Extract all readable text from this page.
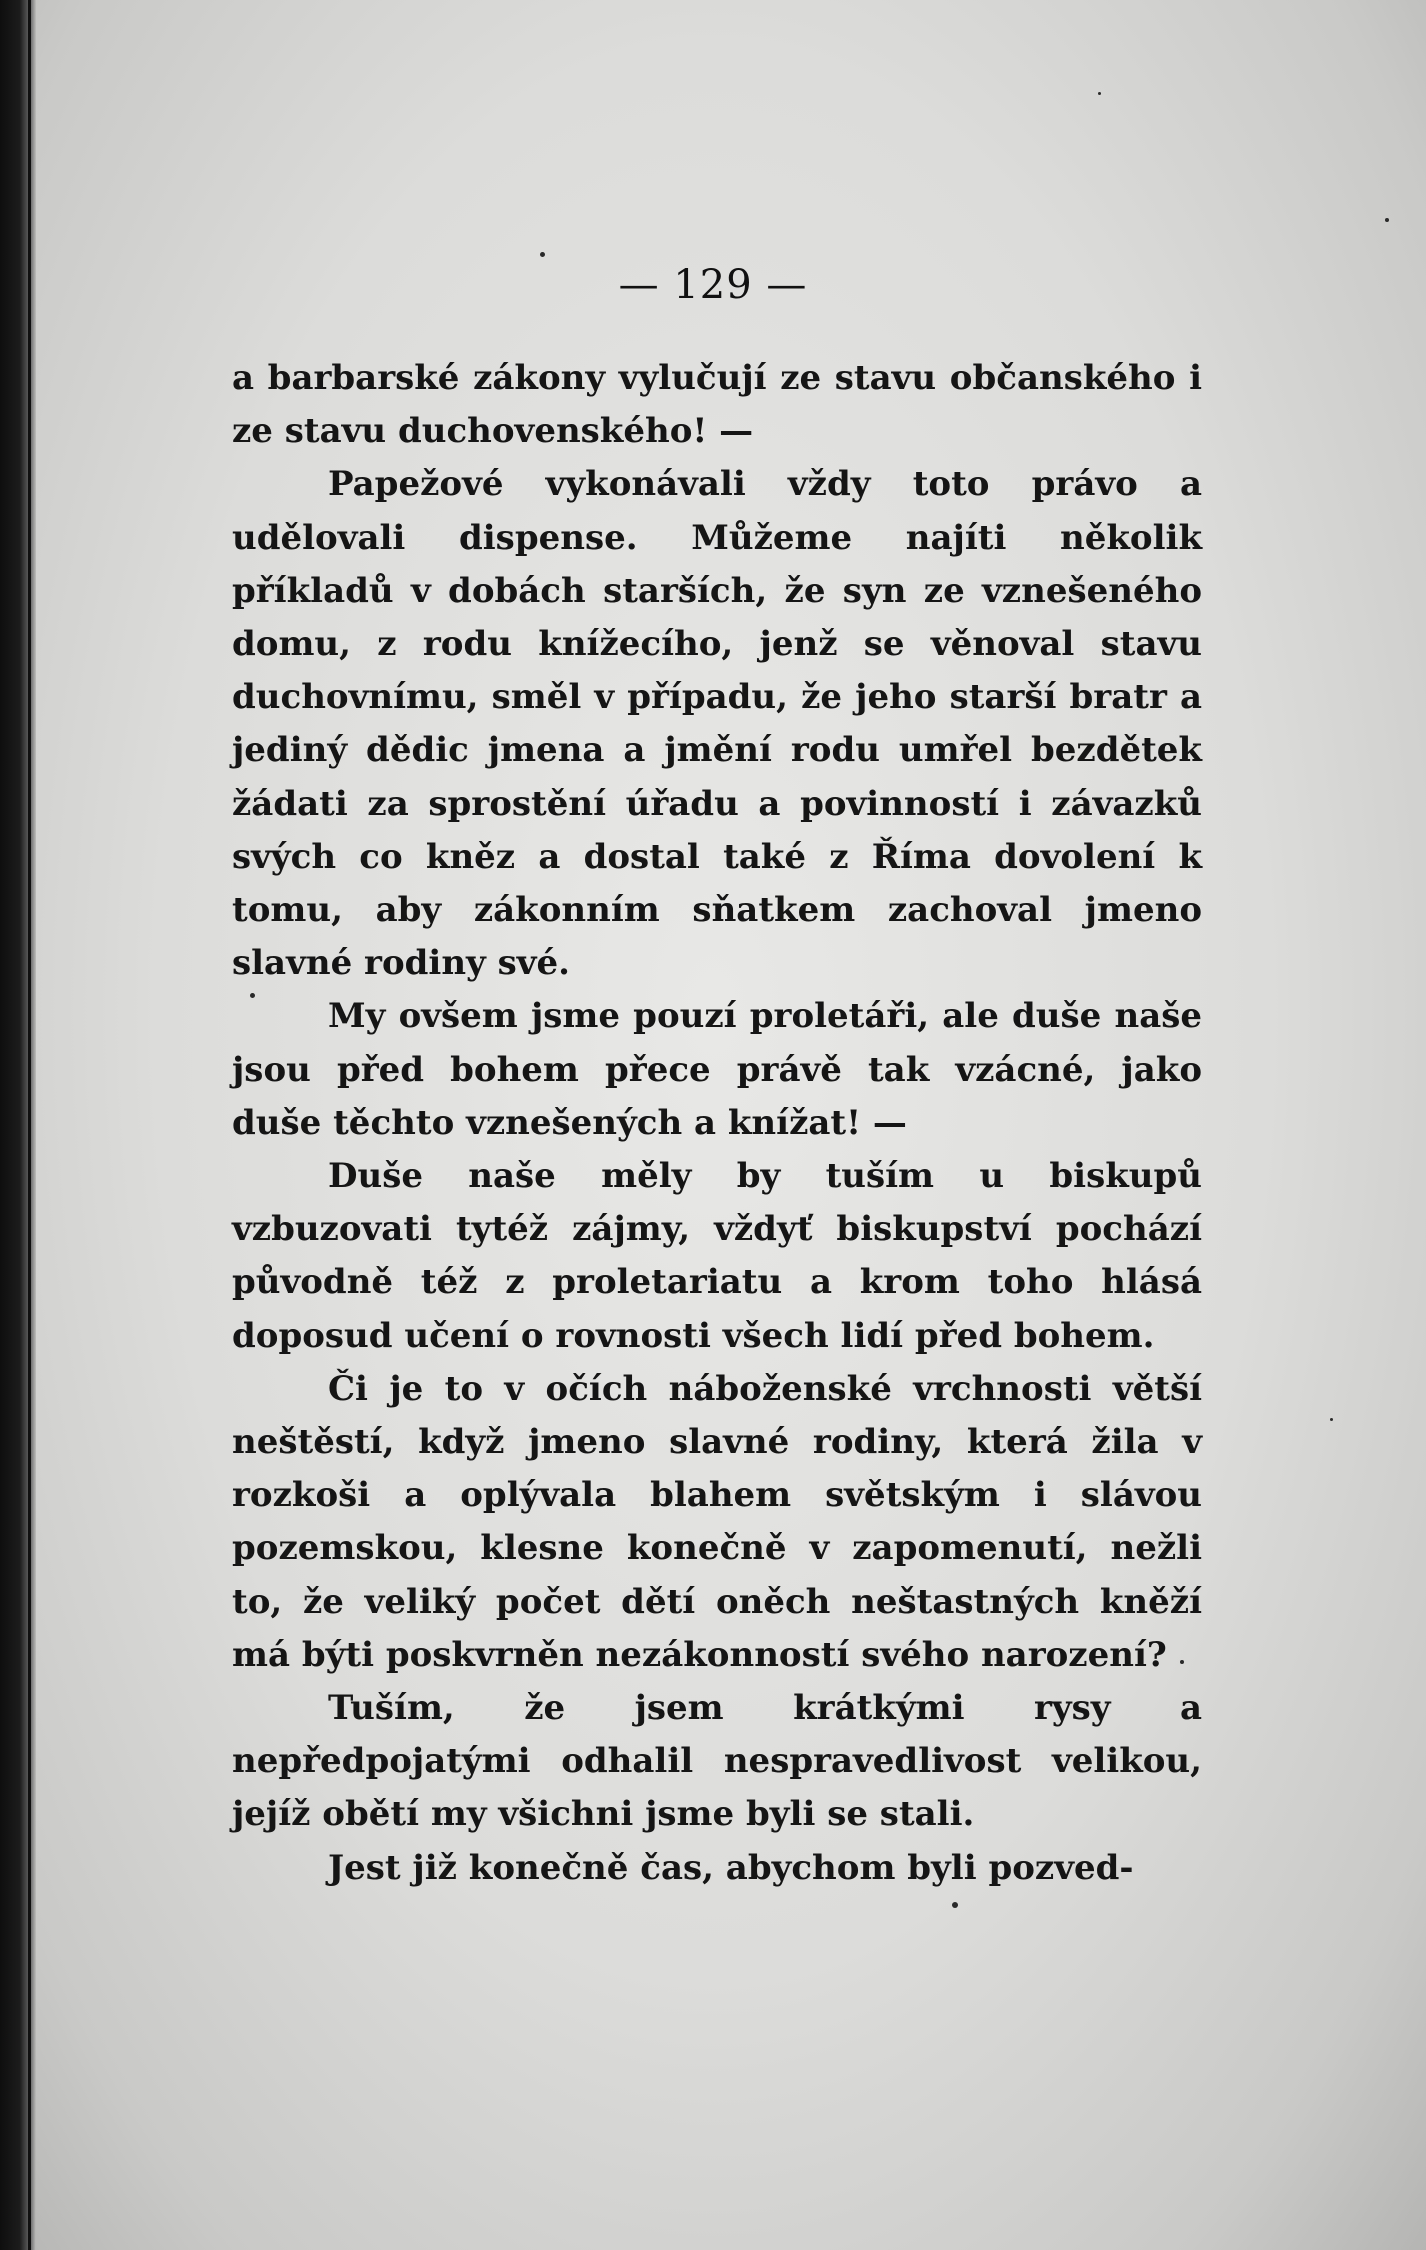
— 129 —

a barbarské zákony vylučují ze stavu občanského i ze stavu duchovenského! —

Papežové vykonávali vždy toto právo a udělovali dispense. Můžeme najíti několik příkladů v dobách starších, že syn ze vznešeného domu, z rodu knížecího, jenž se věnoval stavu duchovnímu, směl v případu, že jeho starší bratr a jediný dědic jmena a jmění rodu umřel bezdětek žádati za sprostění úřadu a povinností i závazků svých co kněz a dostal také z Říma dovolení k tomu, aby zákonním sňatkem zachoval jmeno slavné rodiny své.

My ovšem jsme pouzí proletáři, ale duše naše jsou před bohem přece právě tak vzácné, jako duše těchto vznešených a knížat! —

Duše naše měly by tuším u biskupů vzbuzovati tytéž zájmy, vždyť biskupství pochází původně též z proletariatu a krom toho hlásá doposud učení o rovnosti všech lidí před bohem.

Či je to v očích náboženské vrchnosti větší neštěstí, když jmeno slavné rodiny, která žila v rozkoši a oplývala blahem světským i slávou pozemskou, klesne konečně v zapomenutí, nežli to, že veliký počet dětí oněch neštastných kněží má býti poskvrněn nezákonností svého narození?

Tuším, že jsem krátkými rysy a nepředpojatými odhalil nespravedlivost velikou, jejíž obětí my všichni jsme byli se stali.

Jest již konečně čas, abychom byli pozved-
